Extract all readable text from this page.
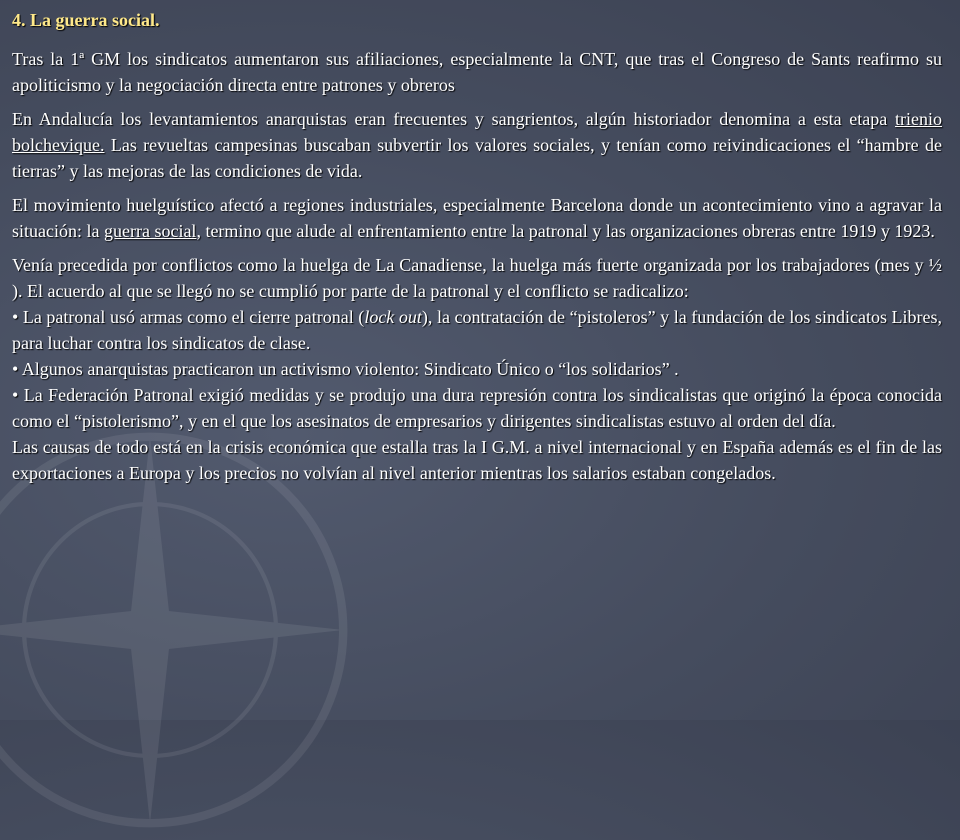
4. La guerra social.

Tras la 1ª GM los sindicatos aumentaron sus afiliaciones, especialmente la CNT, que tras el Congreso de Sants reafirmo su apoliticismo y la negociación directa entre patrones y obreros

En Andalucía los levantamientos anarquistas eran frecuentes y sangrientos, algún historiador denomina a esta etapa trienio bolchevique. Las revueltas campesinas buscaban subvertir los valores sociales, y tenían como reivindicaciones el “hambre de tierras” y las mejoras de las condiciones de vida.

El movimiento huelguístico afectó a regiones industriales, especialmente Barcelona donde un acontecimiento vino a agravar la situación: la guerra social, termino que alude al enfrentamiento entre la patronal y las organizaciones obreras entre 1919 y 1923.

Venía precedida por conflictos como la huelga de La Canadiense, la huelga más fuerte organizada por los trabajadores (mes y ½ ). El acuerdo al que se llegó no se cumplió por parte de la patronal y el conflicto se radicalizo:

• La patronal usó armas como el cierre patronal (lock out), la contratación de “pistoleros” y la fundación de los sindicatos Libres, para luchar contra los sindicatos de clase.

• Algunos anarquistas practicaron un activismo violento: Sindicato Único o “los solidarios” .

• La Federación Patronal exigió medidas y se produjo una dura represión contra los sindicalistas que originó la época conocida como el “pistolerismo”, y en el que los asesinatos de empresarios y dirigentes sindicalistas estuvo al orden del día.

Las causas de todo está en la crisis económica que estalla tras la I G.M. a nivel internacional y en España además es el fin de las exportaciones a Europa y los precios no volvían al nivel anterior mientras los salarios estaban congelados.
